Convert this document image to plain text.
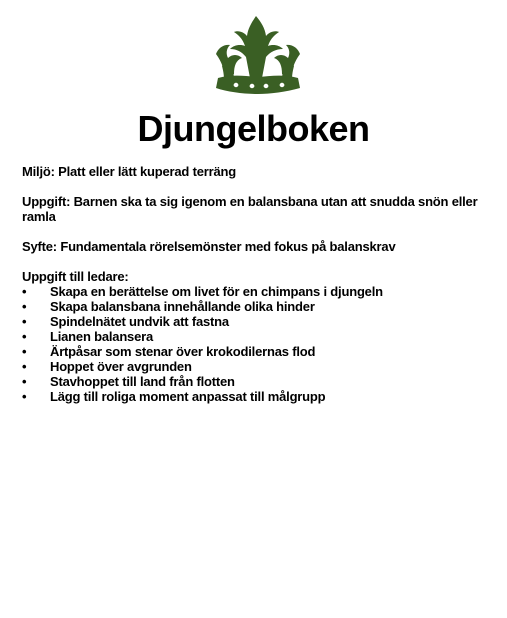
Djungelboken

Miljö: Platt eller lätt kuperad terräng

Uppgift: Barnen ska ta sig igenom en balansbana utan att snudda snön eller ramla

Syfte: Fundamentala rörelsemönster med fokus på balanskrav

Uppgift till ledare:
• Skapa en berättelse om livet för en chimpans i djungeln
• Skapa balansbana innehållande olika hinder
• Spindelnätet undvik att fastna
• Lianen balansera
• Ärtpåsar som stenar över krokodilernas flod
• Hoppet över avgrunden
• Stavhoppet till land från flotten
• Lägg till roliga moment anpassat till målgrupp
